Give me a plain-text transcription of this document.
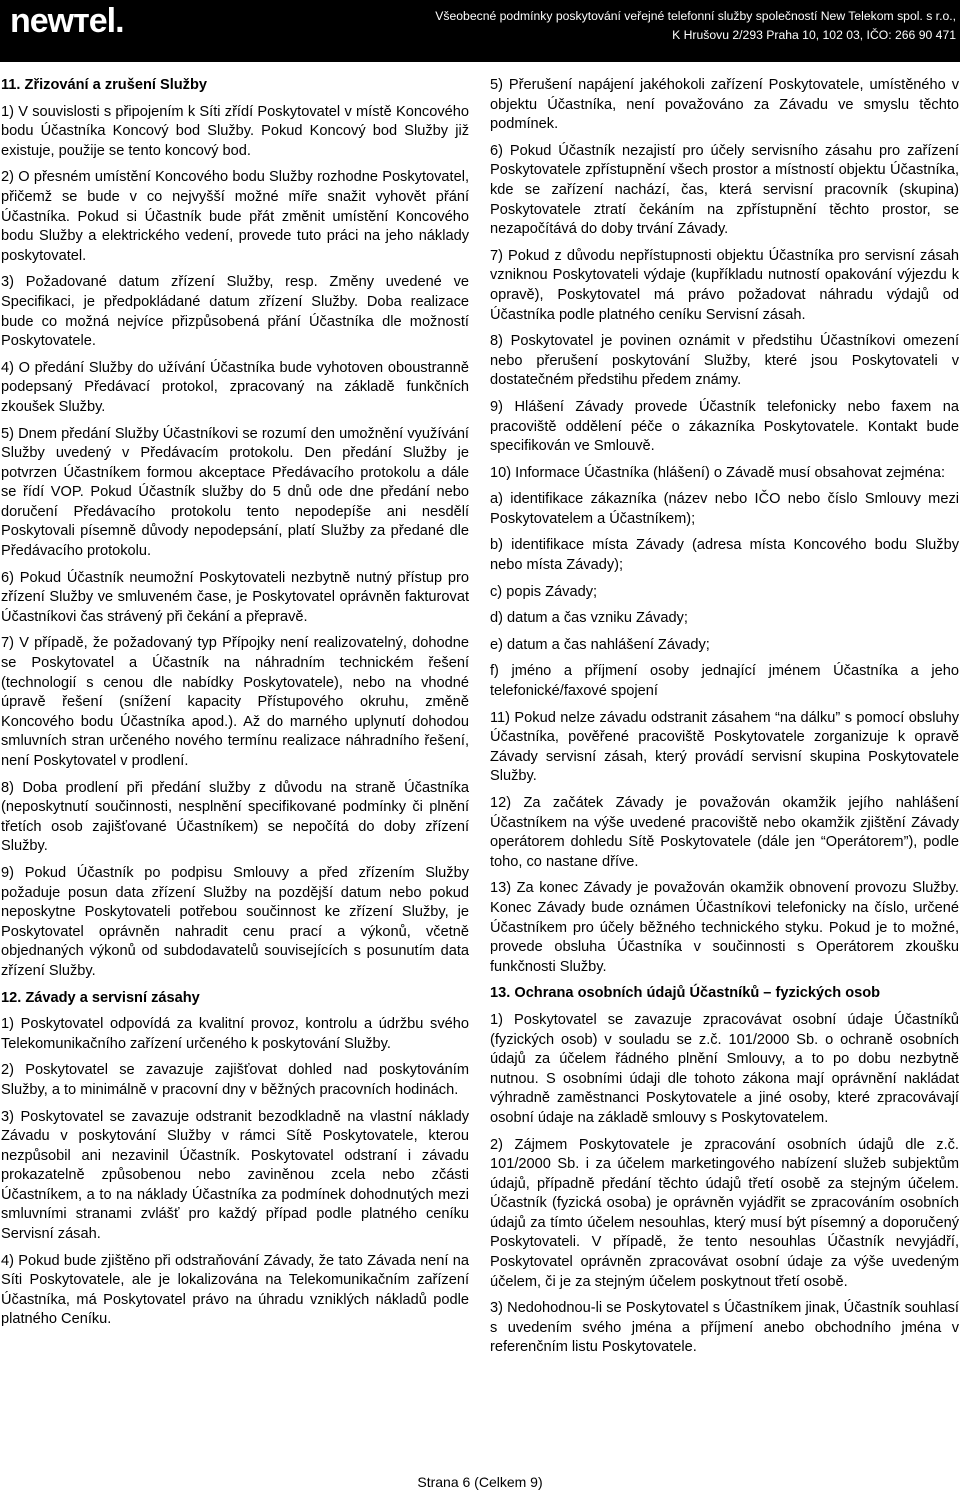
newтel.	Všeobecné podmínky poskytování veřejné telefonní služby společností New Telekom spol. s r.o.,
K Hrušovu 2/293 Praha 10, 102 03, IČO: 266 90 471
11. Zřizování a zrušení Služby

1) V souvislosti s připojením k Síti zřídí Poskytovatel v místě Koncového bodu Účastníka Koncový bod Služby. Pokud Koncový bod Služby již existuje, použije se tento koncový bod.

2) O přesném umístění Koncového bodu Služby rozhodne Poskytovatel, přičemž se bude v co nejvyšší možné míře snažit vyhovět přání Účastníka. Pokud si Účastník bude přát změnit umístění Koncového bodu Služby a elektrického vedení, provede tuto práci na jeho náklady poskytovatel.

3) Požadované datum zřízení Služby, resp. Změny uvedené ve Specifikaci, je předpokládané datum zřízení Služby. Doba realizace bude co možná nejvíce přizpůsobená přání Účastníka dle možností Poskytovatele.

4) O předání Služby do užívání Účastníka bude vyhotoven oboustranně podepsaný Předávací protokol, zpracovaný na základě funkčních zkoušek Služby.

5) Dnem předání Služby Účastníkovi se rozumí den umožnění využívání Služby uvedený v Předávacím protokolu. Den předání Služby je potvrzen Účastníkem formou akceptace Předávacího protokolu a dále se řídí VOP. Pokud Účastník služby do 5 dnů ode dne předání nebo doručení Předávacího protokolu tento nepodepíše ani nesdělí Poskytovali písemně důvody nepodepsání, platí Služby za předané dle Předávacího protokolu.

6) Pokud Účastník neumožní Poskytovateli nezbytně nutný přístup pro zřízení Služby ve smluveném čase, je Poskytovatel oprávněn fakturovat Účastníkovi čas strávený při čekání a přepravě.

7) V případě, že požadovaný typ Přípojky není realizovatelný, dohodne se Poskytovatel a Účastník na náhradním technickém řešení (technologií s cenou dle nabídky Poskytovatele), nebo na vhodné úpravě řešení (snížení kapacity Přístupového okruhu, změně Koncového bodu Účastníka apod.). Až do marného uplynutí dohodou smluvních stran určeného nového termínu realizace náhradního řešení, není Poskytovatel v prodlení.

8) Doba prodlení při předání služby z důvodu na straně Účastníka (neposkytnutí součinnosti, nesplnění specifikované podmínky či plnění třetích osob zajišťované Účastníkem) se nepočítá do doby zřízení Služby.

9) Pokud Účastník po podpisu Smlouvy a před zřízením Služby požaduje posun data zřízení Služby na pozdější datum nebo pokud neposkytne Poskytovateli potřebou součinnost ke zřízení Služby, je Poskytovatel oprávněn nahradit cenu prací a výkonů, včetně objednaných výkonů od subdodavatelů souvisejících s posunutím data zřízení Služby.

12. Závady a servisní zásahy

1) Poskytovatel odpovídá za kvalitní provoz, kontrolu a údržbu svého Telekomunikačního zařízení určeného k poskytování Služby.

2) Poskytovatel se zavazuje zajišťovat dohled nad poskytováním Služby, a to minimálně v pracovní dny v běžných pracovních hodinách.

3) Poskytovatel se zavazuje odstranit bezodkladně na vlastní náklady Závadu v poskytování Služby v rámci Sítě Poskytovatele, kterou nezpůsobil ani nezavinil Účastník. Poskytovatel odstraní i závadu prokazatelně způsobenou nebo zaviněnou zcela nebo zčásti Účastníkem, a to na náklady Účastníka za podmínek dohodnutých mezi smluvními stranami zvlášť pro každý případ podle platného ceníku Servisní zásah.

4) Pokud bude zjištěno při odstraňování Závady, že tato Závada není na Síti Poskytovatele, ale je lokalizována na Telekomunikačním zařízení Účastníka, má Poskytovatel právo na úhradu vzniklých nákladů podle platného Ceníku.

5) Přerušení napájení jakéhokoli zařízení Poskytovatele, umístěného v objektu Účastníka, není považováno za Závadu ve smyslu těchto podmínek.

6) Pokud Účastník nezajistí pro účely servisního zásahu pro zařízení Poskytovatele zpřístupnění všech prostor a místností objektu Účastníka, kde se zařízení nachází, čas, která servisní pracovník (skupina) Poskytovatele ztratí čekáním na zpřístupnění těchto prostor, se nezapočítává do doby trvání Závady.

7) Pokud z důvodu nepřístupnosti objektu Účastníka pro servisní zásah vzniknou Poskytovateli výdaje (kupříkladu nutností opakování výjezdu k opravě), Poskytovatel má právo požadovat náhradu výdajů od Účastníka podle platného ceníku Servisní zásah.

8) Poskytovatel je povinen oznámit v předstihu Účastníkovi omezení nebo přerušení poskytování Služby, které jsou Poskytovateli v dostatečném předstihu předem známy.

9) Hlášení Závady provede Účastník telefonicky nebo faxem na pracoviště oddělení péče o zákazníka Poskytovatele. Kontakt bude specifikován ve Smlouvě.

10) Informace Účastníka (hlášení) o Závadě musí obsahovat zejména:

a) identifikace zákazníka (název nebo IČO nebo číslo Smlouvy mezi Poskytovatelem a Účastníkem);

b) identifikace místa Závady (adresa místa Koncového bodu Služby nebo místa Závady);

c) popis Závady;

d) datum a čas vzniku Závady;

e) datum a čas nahlášení Závady;

f) jméno a příjmení osoby jednající jménem Účastníka a jeho telefonické/faxové spojení

11) Pokud nelze závadu odstranit zásahem “na dálku” s pomocí obsluhy Účastníka, pověřené pracoviště Poskytovatele zorganizuje k opravě Závady servisní zásah, který provádí servisní skupina Poskytovatele Služby.

12) Za začátek Závady je považován okamžik jejího nahlášení Účastníkem na výše uvedené pracoviště nebo okamžik zjištění Závady operátorem dohledu Sítě Poskytovatele (dále jen “Operátorem”), podle toho, co nastane dříve.

13) Za konec Závady je považován okamžik obnovení provozu Služby. Konec Závady bude oznámen Účastníkovi telefonicky na číslo, určené Účastníkem pro účely běžného technického styku. Pokud je to možné, provede obsluha Účastníka v součinnosti s Operátorem zkoušku funkčnosti Služby.

13. Ochrana osobních údajů Účastníků – fyzických osob

1) Poskytovatel se zavazuje zpracovávat osobní údaje Účastníků (fyzických osob) v souladu se z.č. 101/2000 Sb. o ochraně osobních údajů za účelem řádného plnění Smlouvy, a to po dobu nezbytně nutnou. S osobními údaji dle tohoto zákona mají oprávnění nakládat výhradně zaměstnanci Poskytovatele a jiné osoby, které zpracovávají osobní údaje na základě smlouvy s Poskytovatelem.

2) Zájmem Poskytovatele je zpracování osobních údajů dle z.č. 101/2000 Sb. i za účelem marketingového nabízení služeb subjektům údajů, případně předání těchto údajů třetí osobě za stejným účelem. Účastník (fyzická osoba) je oprávněn vyjádřit se zpracováním osobních údajů za tímto účelem nesouhlas, který musí být písemný a doporučený Poskytovateli. V případě, že tento nesouhlas Účastník nevyjádří, Poskytovatel oprávněn zpracovávat osobní údaje za výše uvedeným účelem, či je za stejným účelem poskytnout třetí osobě.

3) Nedohodnou-li se Poskytovatel s Účastníkem jinak, Účastník souhlasí s uvedením svého jména a příjmení anebo obchodního jména v referenčním listu Poskytovatele.

Strana 6 (Celkem 9)
